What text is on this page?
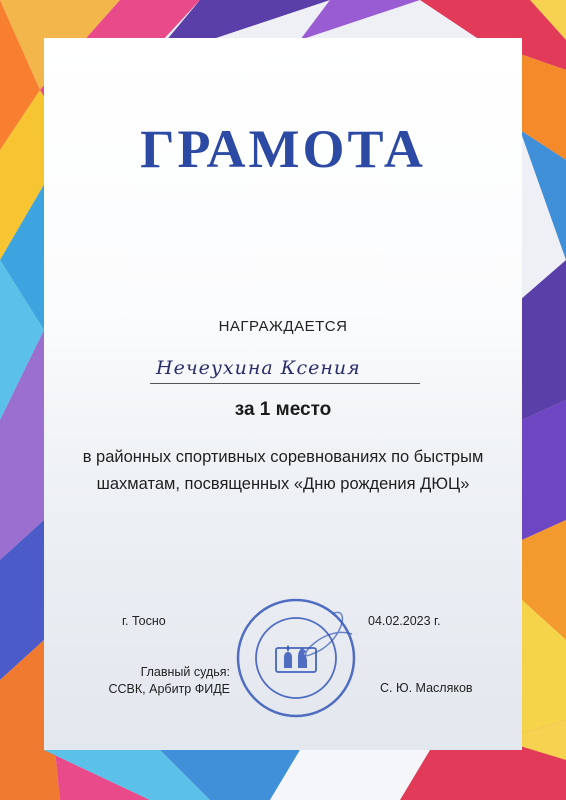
ГРАМОТА
НАГРАЖДАЕТСЯ
Нечеухина Ксения
за 1 место
в районных спортивных соревнованиях по быстрым шахматам, посвященных «Дню рождения ДЮЦ»
г. Тосно	04.02.2023 г.
Главный судья:
ССВК, Арбитр ФИДЕ	С. Ю. Масляков
